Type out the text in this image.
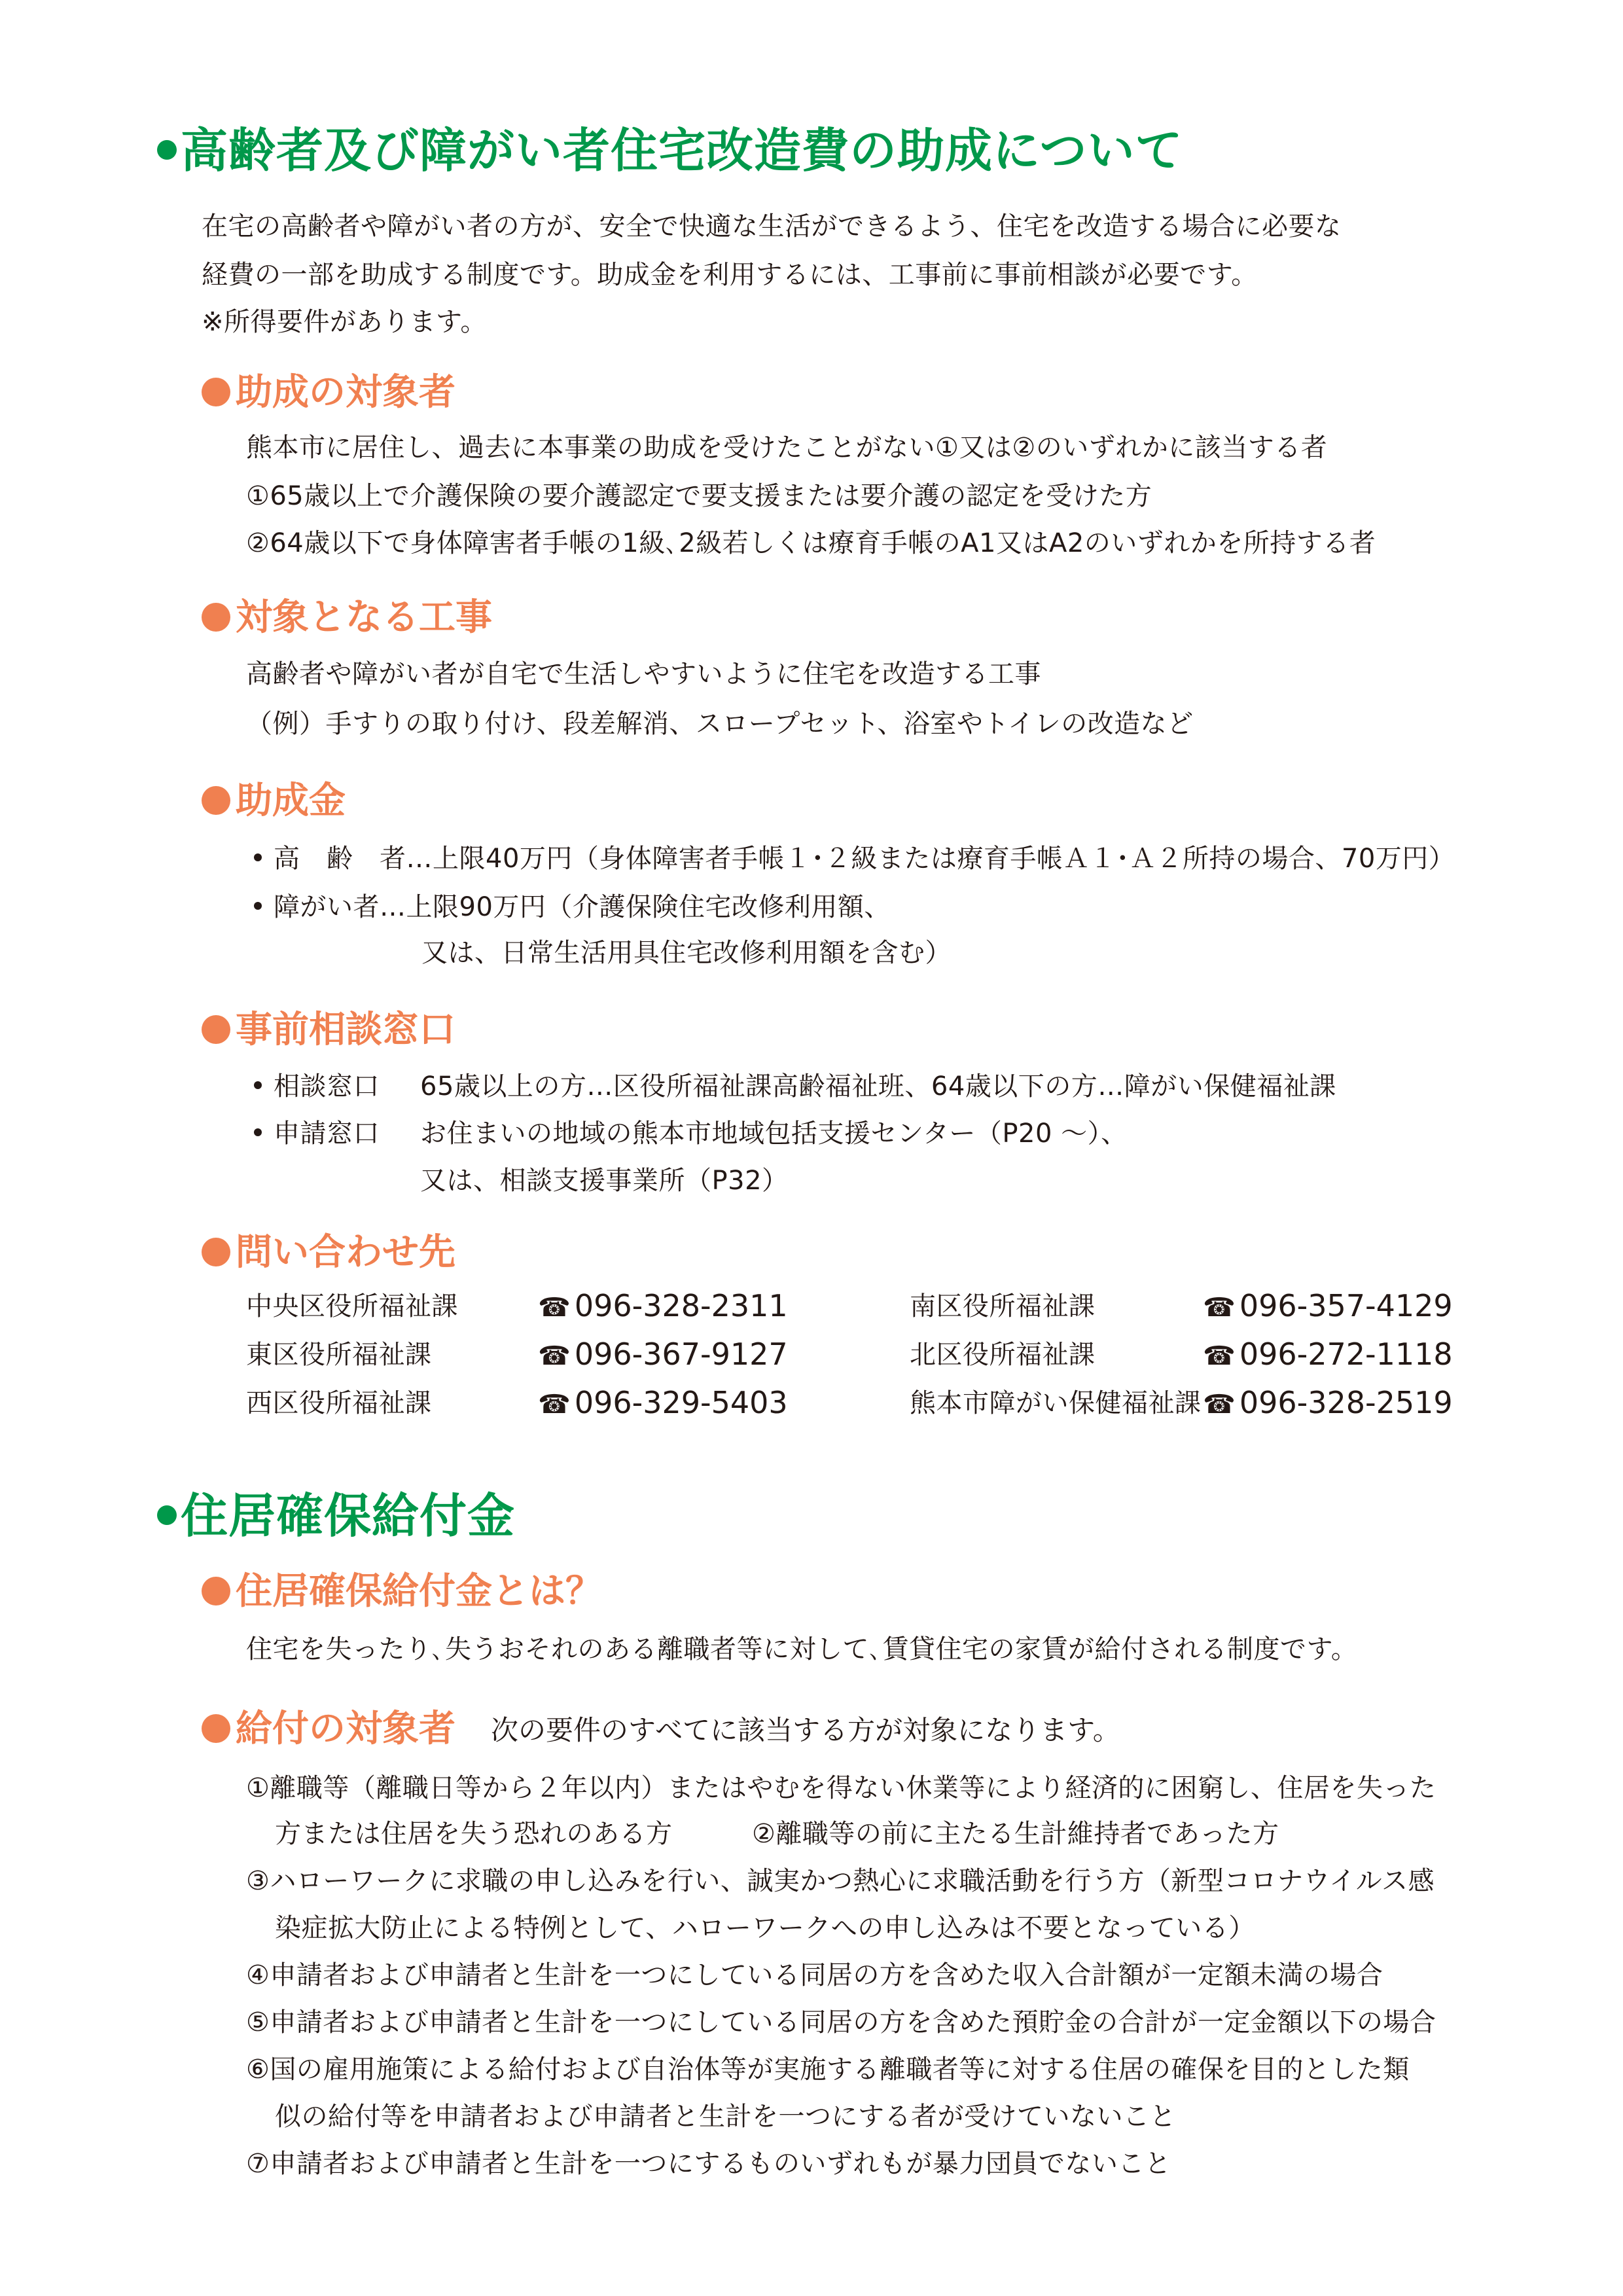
高齢者及び障がい者住宅改造費の助成について
在宅の高齢者や障がい者の方が、安全で快適な生活ができるよう、住宅を改造する場合に必要な
経費の一部を助成する制度です。助成金を利用するには、工事前に事前相談が必要です。
※所得要件があります。
助成の対象者
熊本市に居住し、過去に本事業の助成を受けたことがない①又は②のいずれかに該当する者
①65歳以上で介護保険の要介護認定で要支援または要介護の認定を受けた方
②64歳以下で身体障害者手帳の1級､2級若しくは療育手帳のA1又はA2のいずれかを所持する者
対象となる工事
高齢者や障がい者が自宅で生活しやすいように住宅を改造する工事
（例）手すりの取り付け、段差解消、スロープセット、浴室やトイレの改造など
助成金
高　齢　者…上限40万円（身体障害者手帳１･２級または療育手帳Ａ１･Ａ２所持の場合、70万円）
障がい者…上限90万円（介護保険住宅改修利用額、
又は、日常生活用具住宅改修利用額を含む）
事前相談窓口
相談窓口 65歳以上の方…区役所福祉課高齢福祉班、64歳以下の方…障がい保健福祉課
申請窓口 お住まいの地域の熊本市地域包括支援センター（P20 ～）、
又は、相談支援事業所（P32）
問い合わせ先
中央区役所福祉課	☎ 096-328-2311	南区役所福祉課	☎ 096-357-4129
東区役所福祉課	☎ 096-367-9127	北区役所福祉課	☎ 096-272-1118
西区役所福祉課	☎ 096-329-5403	熊本市障がい保健福祉課 ☎ 096-328-2519
住居確保給付金
住居確保給付金とは？
住宅を失ったり､失うおそれのある離職者等に対して､賃貸住宅の家賃が給付される制度です。
給付の対象者 次の要件のすべてに該当する方が対象になります。
①離職等（離職日等から２年以内）またはやむを得ない休業等により経済的に困窮し、住居を失った
方または住居を失う恐れのある方　　　②離職等の前に主たる生計維持者であった方
③ハローワークに求職の申し込みを行い、誠実かつ熱心に求職活動を行う方（新型コロナウイルス感
染症拡大防止による特例として、ハローワークへの申し込みは不要となっている）
④申請者および申請者と生計を一つにしている同居の方を含めた収入合計額が一定額未満の場合
⑤申請者および申請者と生計を一つにしている同居の方を含めた預貯金の合計が一定金額以下の場合
⑥国の雇用施策による給付および自治体等が実施する離職者等に対する住居の確保を目的とした類
似の給付等を申請者および申請者と生計を一つにする者が受けていないこと
⑦申請者および申請者と生計を一つにするものいずれもが暴力団員でないこと
